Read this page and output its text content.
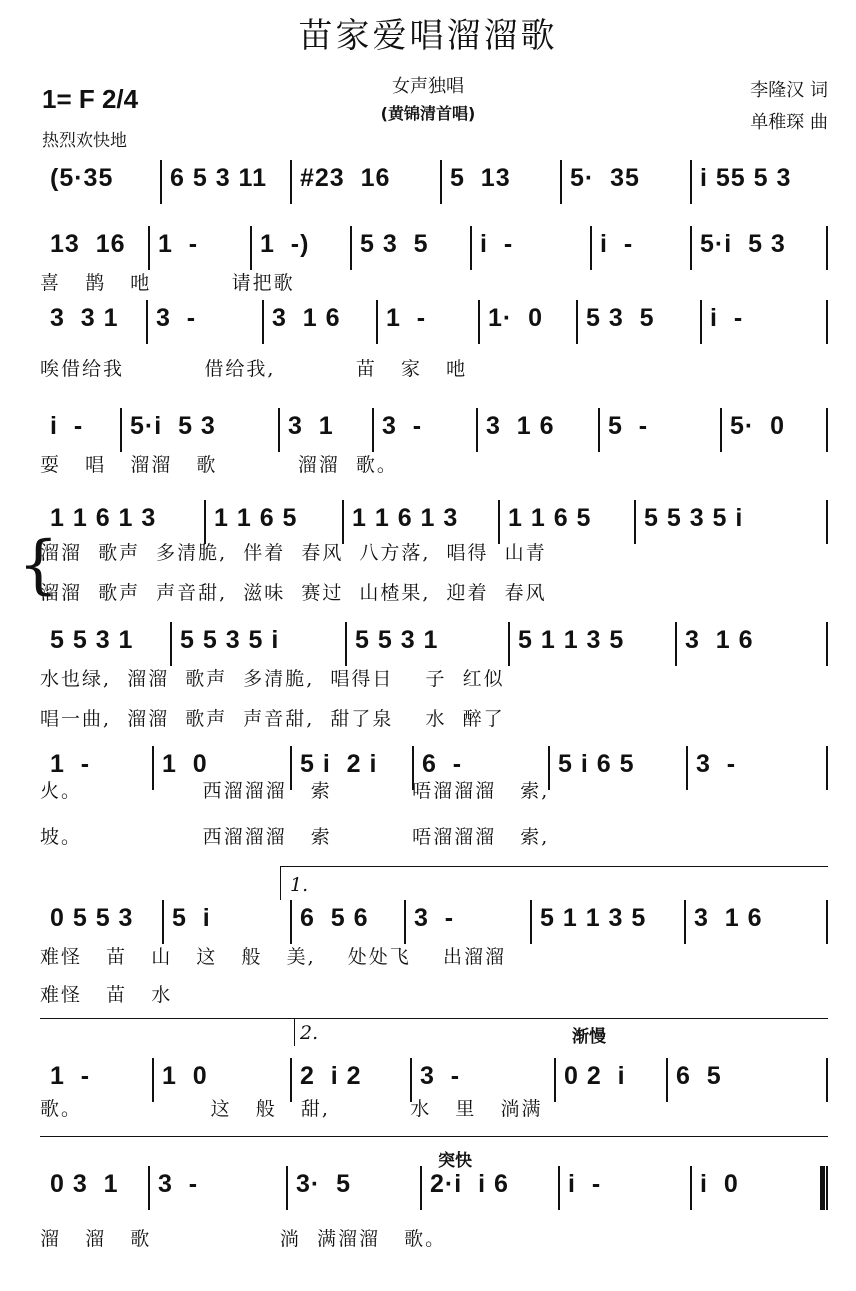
苗家爱唱溜溜歌
1= F 2/4
热烈欢快地
女声独唱
(黄锦清首唱)
李隆汉 词
单稚琛 曲
(5·35 6 5 3 11 #23  16 5  13 5·  35 i 55 5 3
13  16 1  - 1  -) 5 3  5 i  -	i  -	5·i  5 3
喜   鹊   吔          请把歌
3  3 1 3  -	3  1 6 1  - 1·  0 5 3  5 i  -
唉借给我          借给我,          苗   家   吔
i  - 5·i  5 3	3  1 3  -	3  1 6 5  -	5·  0
耍   唱   溜溜   歌          溜溜  歌。
1 1 6 1 3 1 1 6 5 1 1 6 1 3 1 1 6 5 5 5 3 5 i
溜溜  歌声  多清脆,  伴着  春风  八方落,  唱得  山青
溜溜  歌声  声音甜,  滋味  赛过  山楂果,  迎着  春风
5 5 3 1 5 5 3 5 i	5 5 3 1	5 1 1 3 5 3  1 6
水也绿,  溜溜  歌声  多清脆,  唱得日    子  红似
唱一曲,  溜溜  歌声  声音甜,  甜了泉    水  醉了
1  -	1  0	5 i  2 i 6  -	5 i 6 5 3  -
火。               西溜溜溜   索          唔溜溜溜   索,
坡。               西溜溜溜   索          唔溜溜溜   索,
0 5 5 3 5  i	6  5 6 3  -	5 1 1 3 5 3  1 6
难怪   苗   山   这   般   美,    处处飞    出溜溜
难怪   苗   水
1  -	1  0	2  i 2 3  -	0 2  i 6  5
歌。                这   般   甜,          水   里   淌满
0 3  1 3  -	3·  5	2·i  i 6 i  -	i  0
溜   溜   歌                淌  满溜溜   歌。
{
渐慢
突快
1.
2.
